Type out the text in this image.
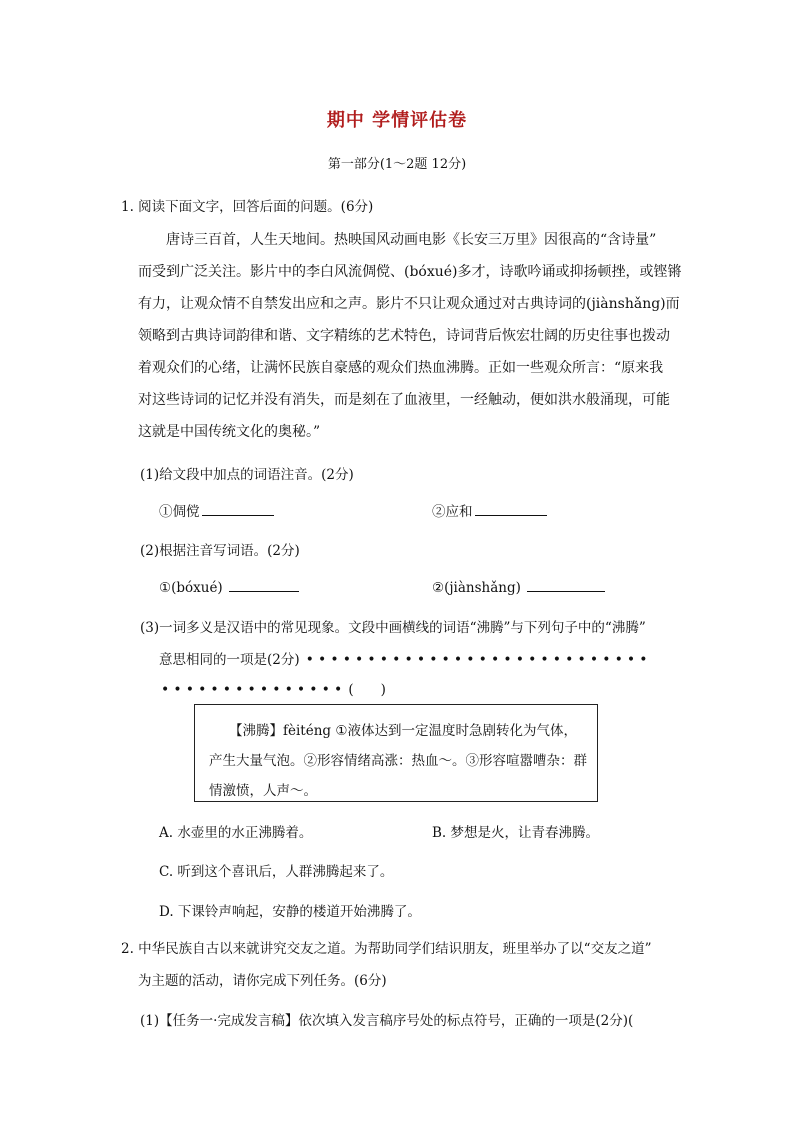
期中 学情评估卷
第一部分(1～2题 12分)
1. 阅读下面文字，回答后面的问题。(6分)
唐诗三百首，人生天地间。热映国风动画电影《长安三万里》因很高的“含诗量”
而受到广泛关注。影片中的李白风流倜傥、(bóxué)多才，诗歌吟诵或抑扬顿挫，或铿锵
有力，让观众情不自禁发出应和之声。影片不只让观众通过对古典诗词的(jiànshǎng)而
领略到古典诗词韵律和谐、文字精练的艺术特色，诗词背后恢宏壮阔的历史往事也拨动
着观众们的心绪，让满怀民族自豪感的观众们热血沸腾。正如一些观众所言：“原来我
对这些诗词的记忆并没有消失，而是刻在了血液里，一经触动，便如洪水般涌现，可能
这就是中国传统文化的奥秘。”
(1)给文段中加点的词语注音。(2分)
①倜傥	②应和
(2)根据注音写词语。(2分)
①(bóxué)	②(jiànshǎng)
(3)一词多义是汉语中的常见现象。文段中画横线的词语“沸腾”与下列句子中的“沸腾”
意思相同的一项是(2分) ••••••••••••••••••••••••••••
••••••••••••••• (　　)
【沸腾】fèiténg ①液体达到一定温度时急剧转化为气体，
产生大量气泡。②形容情绪高涨：热血～。③形容喧嚣嘈杂：群
情激愤，人声～。
A. 水壶里的水正沸腾着。	B. 梦想是火，让青春沸腾。
C. 听到这个喜讯后，人群沸腾起来了。
D. 下课铃声响起，安静的楼道开始沸腾了。
2. 中华民族自古以来就讲究交友之道。为帮助同学们结识朋友，班里举办了以“交友之道”
为主题的活动，请你完成下列任务。(6分)
(1)【任务一·完成发言稿】依次填入发言稿序号处的标点符号，正确的一项是(2分)(
